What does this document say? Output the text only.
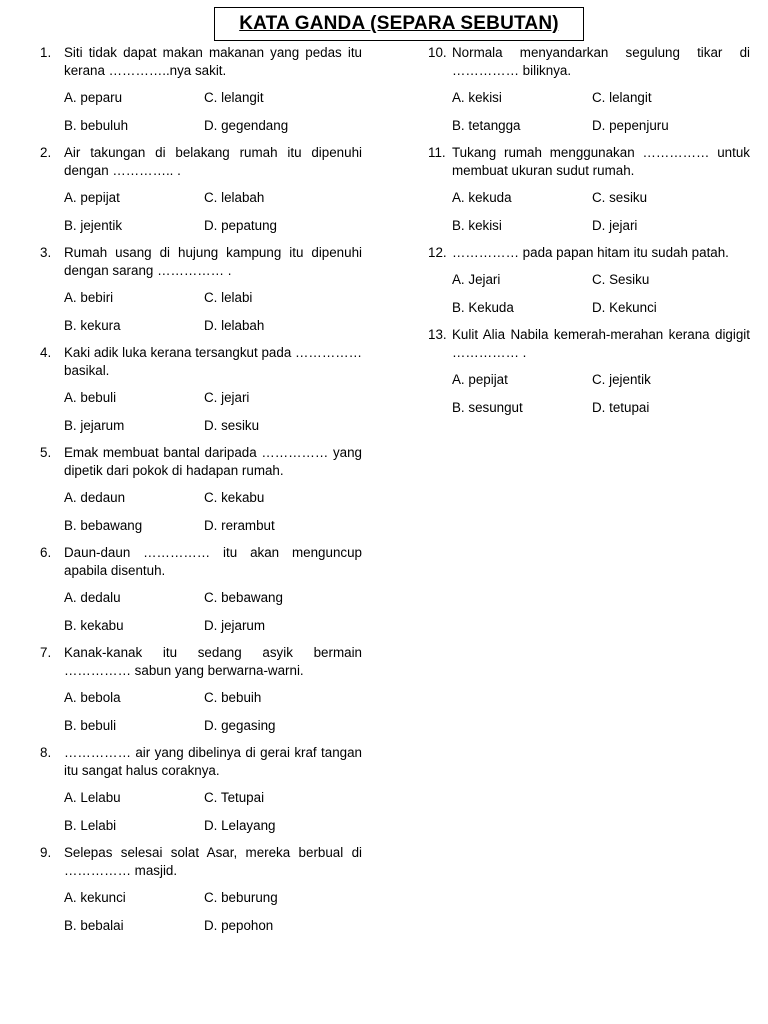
KATA GANDA (SEPARA SEBUTAN)
1. Siti tidak dapat makan makanan yang pedas itu kerana …………..nya sakit.
A. peparu	C. lelangit
B. bebuluh	D. gegendang
2. Air takungan di belakang rumah itu dipenuhi dengan ………….. .
A. pepijat	C. lelabah
B. jejentik	D. pepatung
3. Rumah usang di hujung kampung itu dipenuhi dengan sarang …………… .
A. bebiri	C. lelabi
B. kekura	D. lelabah
4. Kaki adik luka kerana tersangkut pada …………… basikal.
A. bebuli	C. jejari
B. jejarum	D. sesiku
5. Emak membuat bantal daripada …………… yang dipetik dari pokok di hadapan rumah.
A. dedaun	C. kekabu
B. bebawang	D. rerambut
6. Daun-daun …………… itu akan menguncup apabila disentuh.
A. dedalu	C. bebawang
B. kekabu	D. jejarum
7. Kanak-kanak itu sedang asyik bermain …………… sabun yang berwarna-warni.
A. bebola	C. bebuih
B. bebuli	D. gegasing
8. …………… air yang dibelinya di gerai kraf tangan itu sangat halus coraknya.
A. Lelabu	C. Tetupai
B. Lelabi	D. Lelayang
9. Selepas selesai solat Asar, mereka berbual di …………… masjid.
A. kekunci	C. beburung
B. bebalai	D. pepohon
10. Normala menyandarkan segulung tikar di …………… biliknya.
A. kekisi	C. lelangit
B. tetangga	D. pepenjuru
11. Tukang rumah menggunakan …………… untuk membuat ukuran sudut rumah.
A. kekuda	C. sesiku
B. kekisi	D. jejari
12. …………… pada papan hitam itu sudah patah.
A. Jejari	C. Sesiku
B. Kekuda	D. Kekunci
13. Kulit Alia Nabila kemerah-merahan kerana digigit …………… .
A. pepijat	C. jejentik
B. sesungut	D. tetupai
